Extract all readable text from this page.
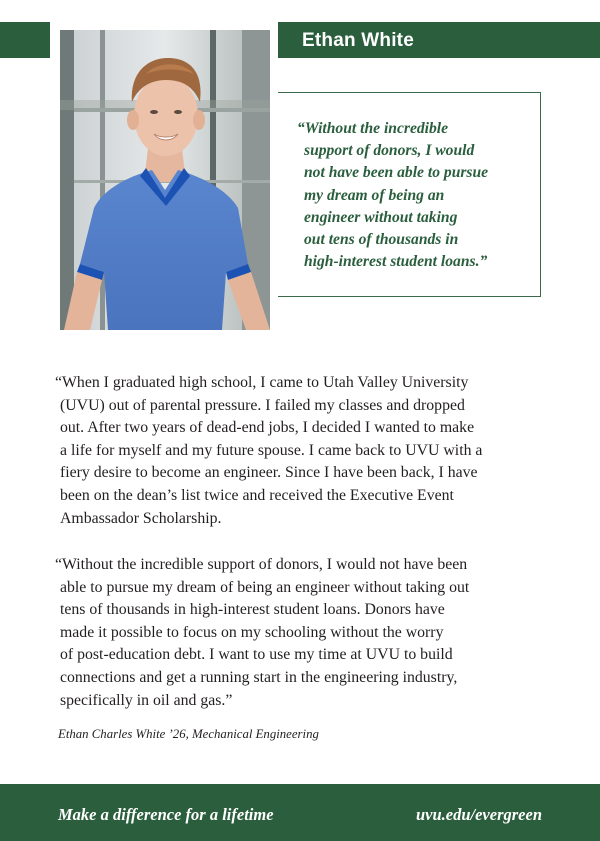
Ethan White

“Without the incredible
support of donors, I would
not have been able to pursue
my dream of being an
engineer without taking
out tens of thousands in
high-interest student loans.”

“When I graduated high school, I came to Utah Valley University
(UVU) out of parental pressure. I failed my classes and dropped
out. After two years of dead-end jobs, I decided I wanted to make
a life for myself and my future spouse. I came back to UVU with a
fiery desire to become an engineer. Since I have been back, I have
been on the dean’s list twice and received the Executive Event
Ambassador Scholarship.

“Without the incredible support of donors, I would not have been
able to pursue my dream of being an engineer without taking out
tens of thousands in high-interest student loans. Donors have
made it possible to focus on my schooling without the worry
of post-education debt. I want to use my time at UVU to build
connections and get a running start in the engineering industry,
specifically in oil and gas.”

Ethan Charles White ’26, Mechanical Engineering

Make a difference for a lifetime	uvu.edu/evergreen
